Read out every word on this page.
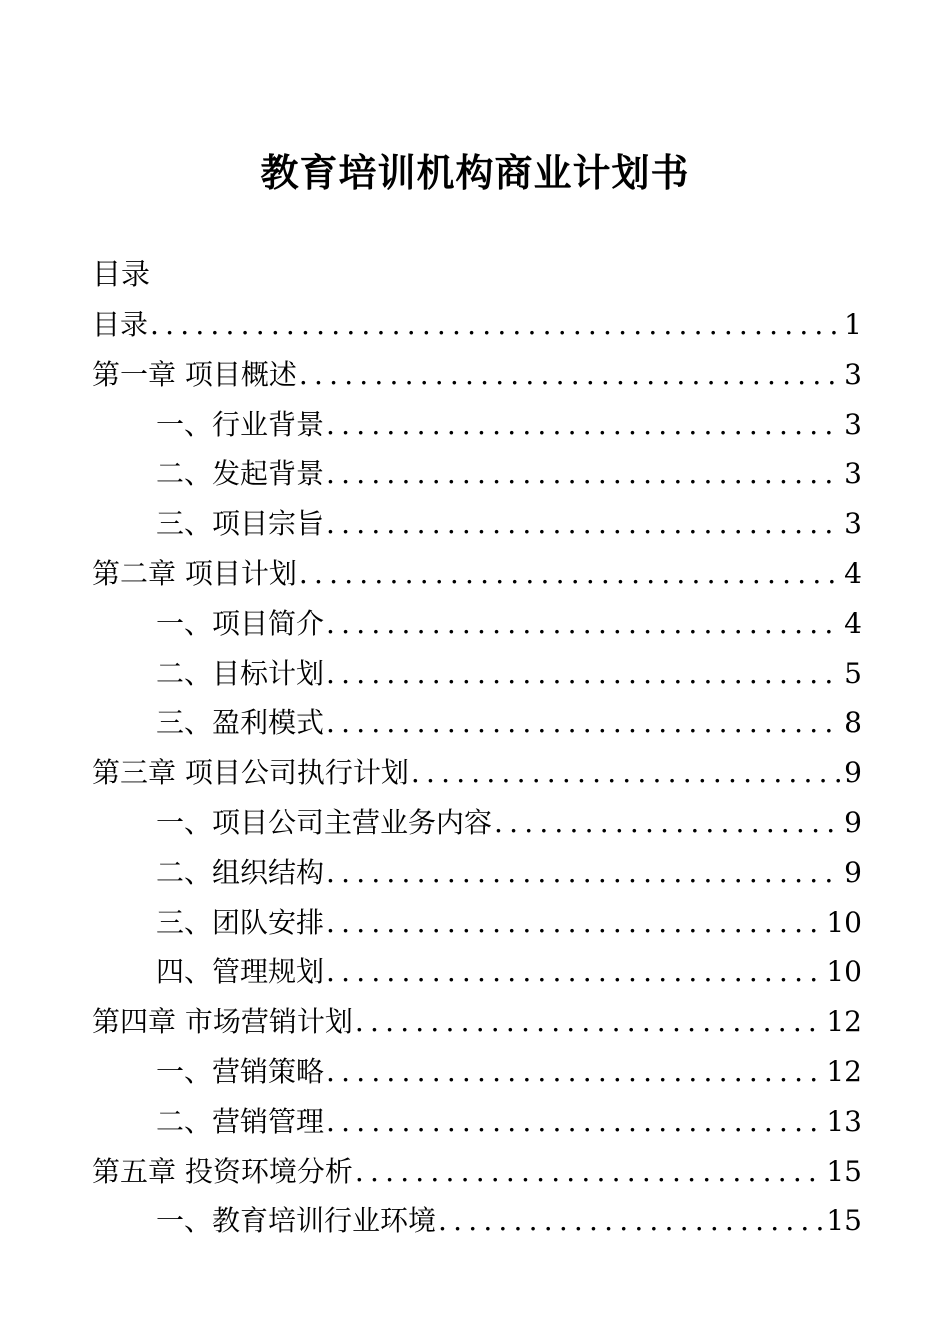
教育培训机构商业计划书
目录
目录 .....	1
第一章 项目概述 .....	3
一、行业背景 .....	3
二、发起背景 .....	3
三、项目宗旨 .....	3
第二章 项目计划 .....	4
一、项目简介 .....	4
二、目标计划 .....	5
三、盈利模式 .....	8
第三章 项目公司执行计划 .....	9
一、项目公司主营业务内容 .....	9
二、组织结构 .....	9
三、团队安排 .....	10
四、管理规划 .....	10
第四章 市场营销计划 .....	12
一、营销策略 .....	12
二、营销管理 .....	13
第五章 投资环境分析 .....	15
一、教育培训行业环境 .....	15
